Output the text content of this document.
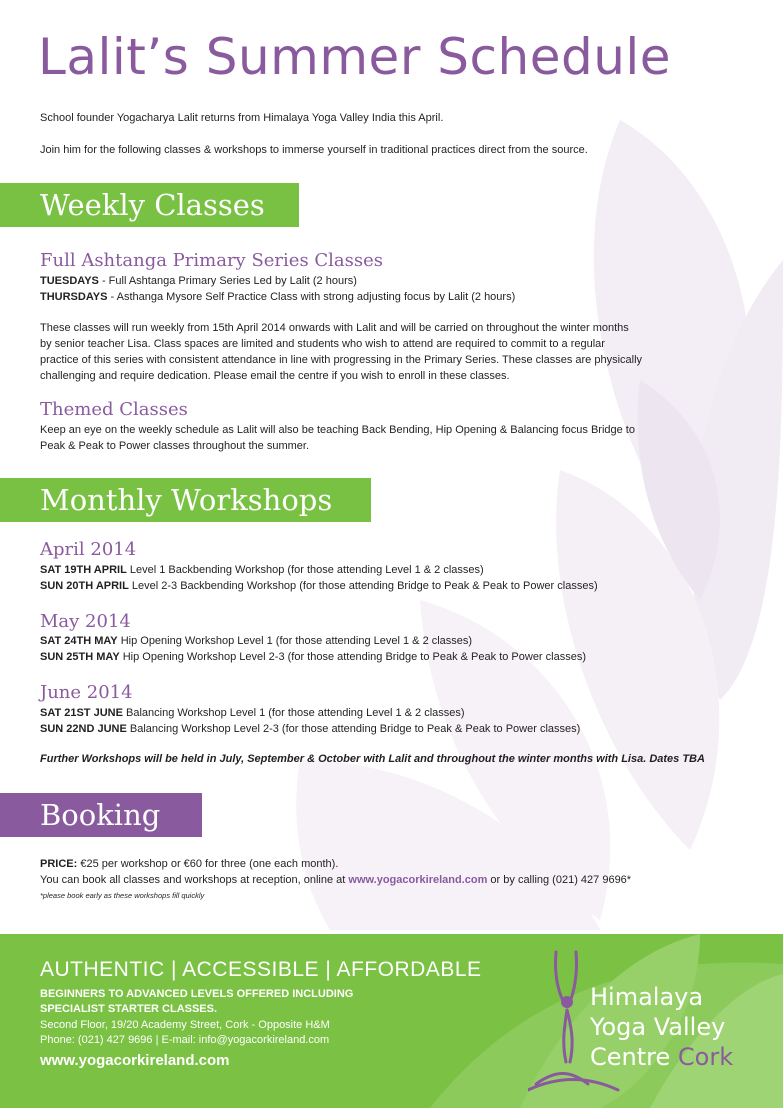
Lalit’s Summer Schedule
School founder Yogacharya Lalit returns from Himalaya Yoga Valley India this April.
Join him for the following classes & workshops to immerse yourself in traditional practices direct from the source.
Weekly Classes
Full Ashtanga Primary Series Classes
TUESDAYS - Full Ashtanga Primary Series Led by Lalit (2 hours)
THURSDAYS - Asthanga Mysore Self Practice Class with strong adjusting focus by Lalit (2 hours)
These classes will run weekly from 15th April 2014 onwards with Lalit and will be carried on throughout the winter months
by senior teacher Lisa. Class spaces are limited and students who wish to attend are required to commit to a regular
practice of this series with consistent attendance in line with progressing in the Primary Series. These classes are physically
challenging and require dedication. Please email the centre if you wish to enroll in these classes.
Themed Classes
Keep an eye on the weekly schedule as Lalit will also be teaching Back Bending, Hip Opening & Balancing focus Bridge to
Peak & Peak to Power classes throughout the summer.
Monthly Workshops
April 2014
SAT 19TH APRIL Level 1 Backbending Workshop (for those attending Level 1 & 2 classes)
SUN 20TH APRIL Level 2-3 Backbending Workshop (for those attending Bridge to Peak & Peak to Power classes)
May 2014
SAT 24TH MAY Hip Opening Workshop Level 1 (for those attending Level 1 & 2 classes)
SUN 25TH MAY Hip Opening Workshop Level 2-3 (for those attending Bridge to Peak & Peak to Power classes)
June 2014
SAT 21ST JUNE Balancing Workshop Level 1 (for those attending Level 1 & 2 classes)
SUN 22ND JUNE Balancing Workshop Level 2-3 (for those attending Bridge to Peak & Peak to Power classes)
Further Workshops will be held in July, September & October with Lalit and throughout the winter months with Lisa. Dates TBA
Booking
PRICE: €25 per workshop or €60 for three (one each month).
You can book all classes and workshops at reception, online at www.yogacorkireland.com or by calling (021) 427 9696*
*please book early as these workshops fill quickly
AUTHENTIC | ACCESSIBLE | AFFORDABLE
BEGINNERS TO ADVANCED LEVELS OFFERED INCLUDING
SPECIALIST STARTER CLASSES.
Second Floor, 19/20 Academy Street, Cork - Opposite H&M
Phone: (021) 427 9696 | E-mail: info@yogacorkireland.com
www.yogacorkireland.com
Himalaya
Yoga Valley
Centre Cork
